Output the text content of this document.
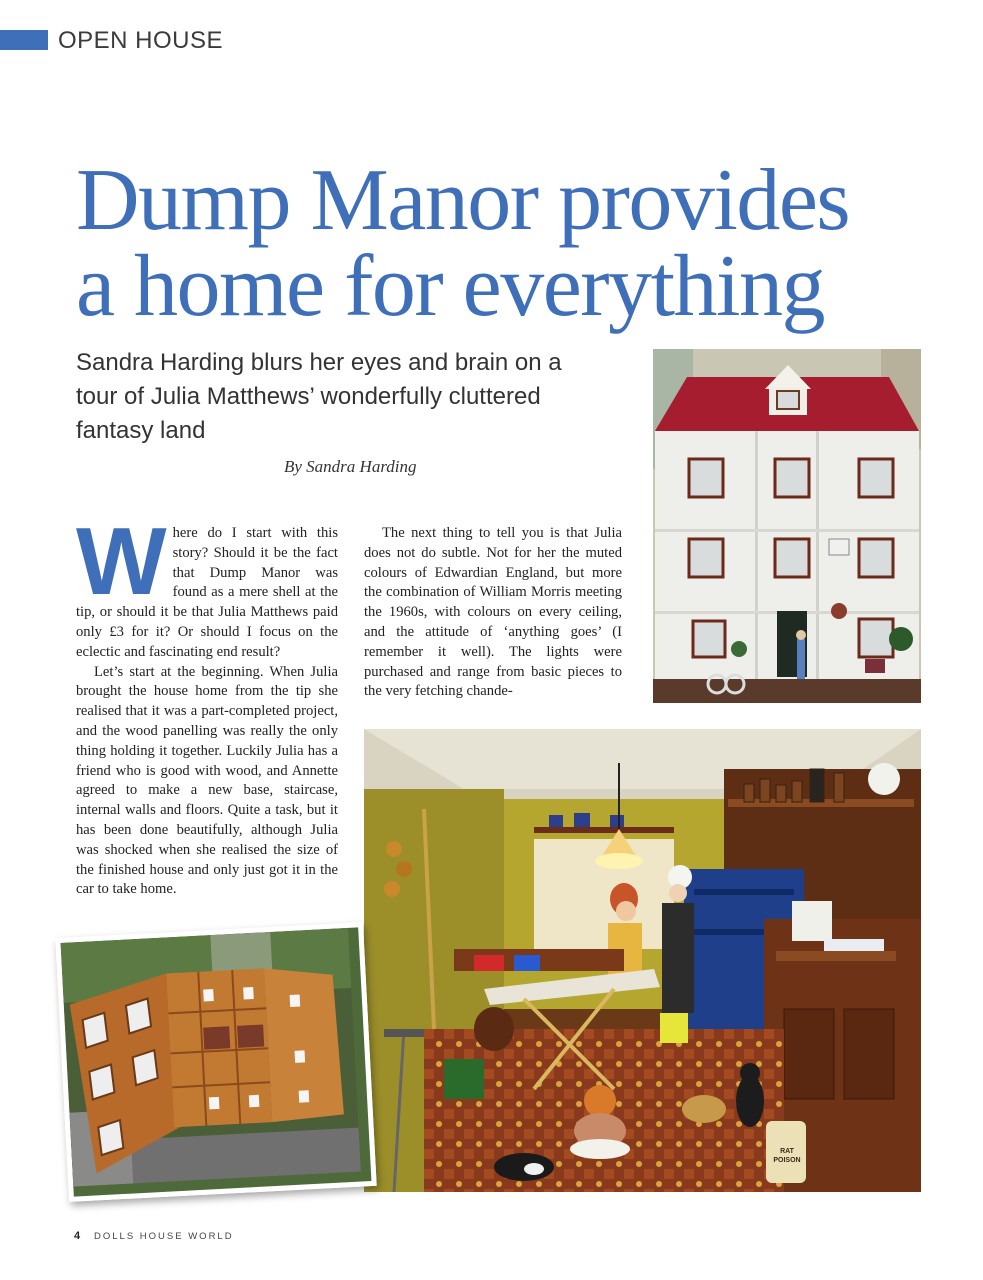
OPEN HOUSE
Dump Manor provides
a home for everything
Sandra Harding blurs her eyes and brain on a tour of Julia Matthews’ wonderfully cluttered fantasy land
By Sandra Harding

Where do I start with this story? Should it be the fact that Dump Manor was found as a mere shell at the tip, or should it be that Julia Matthews paid only £3 for it? Or should I focus on the eclectic and fascinating end result?

Let’s start at the beginning. When Julia brought the house home from the tip she realised that it was a part-completed project, and the wood panelling was really the only thing holding it together. Luckily Julia has a friend who is good with wood, and Annette agreed to make a new base, staircase, internal walls and floors. Quite a task, but it has been done beautifully, although Julia was shocked when she realised the size of the finished house and only just got it in the car to take home.

The next thing to tell you is that Julia does not do subtle. Not for her the muted colours of Edwardian England, but more the combination of William Morris meeting the 1960s, with colours on every ceiling, and the attitude of ‘anything goes’ (I remember it well). The lights were purchased and range from basic pieces to the very fetching chande-

RAT POISON
4 DOLLS HOUSE WORLD
